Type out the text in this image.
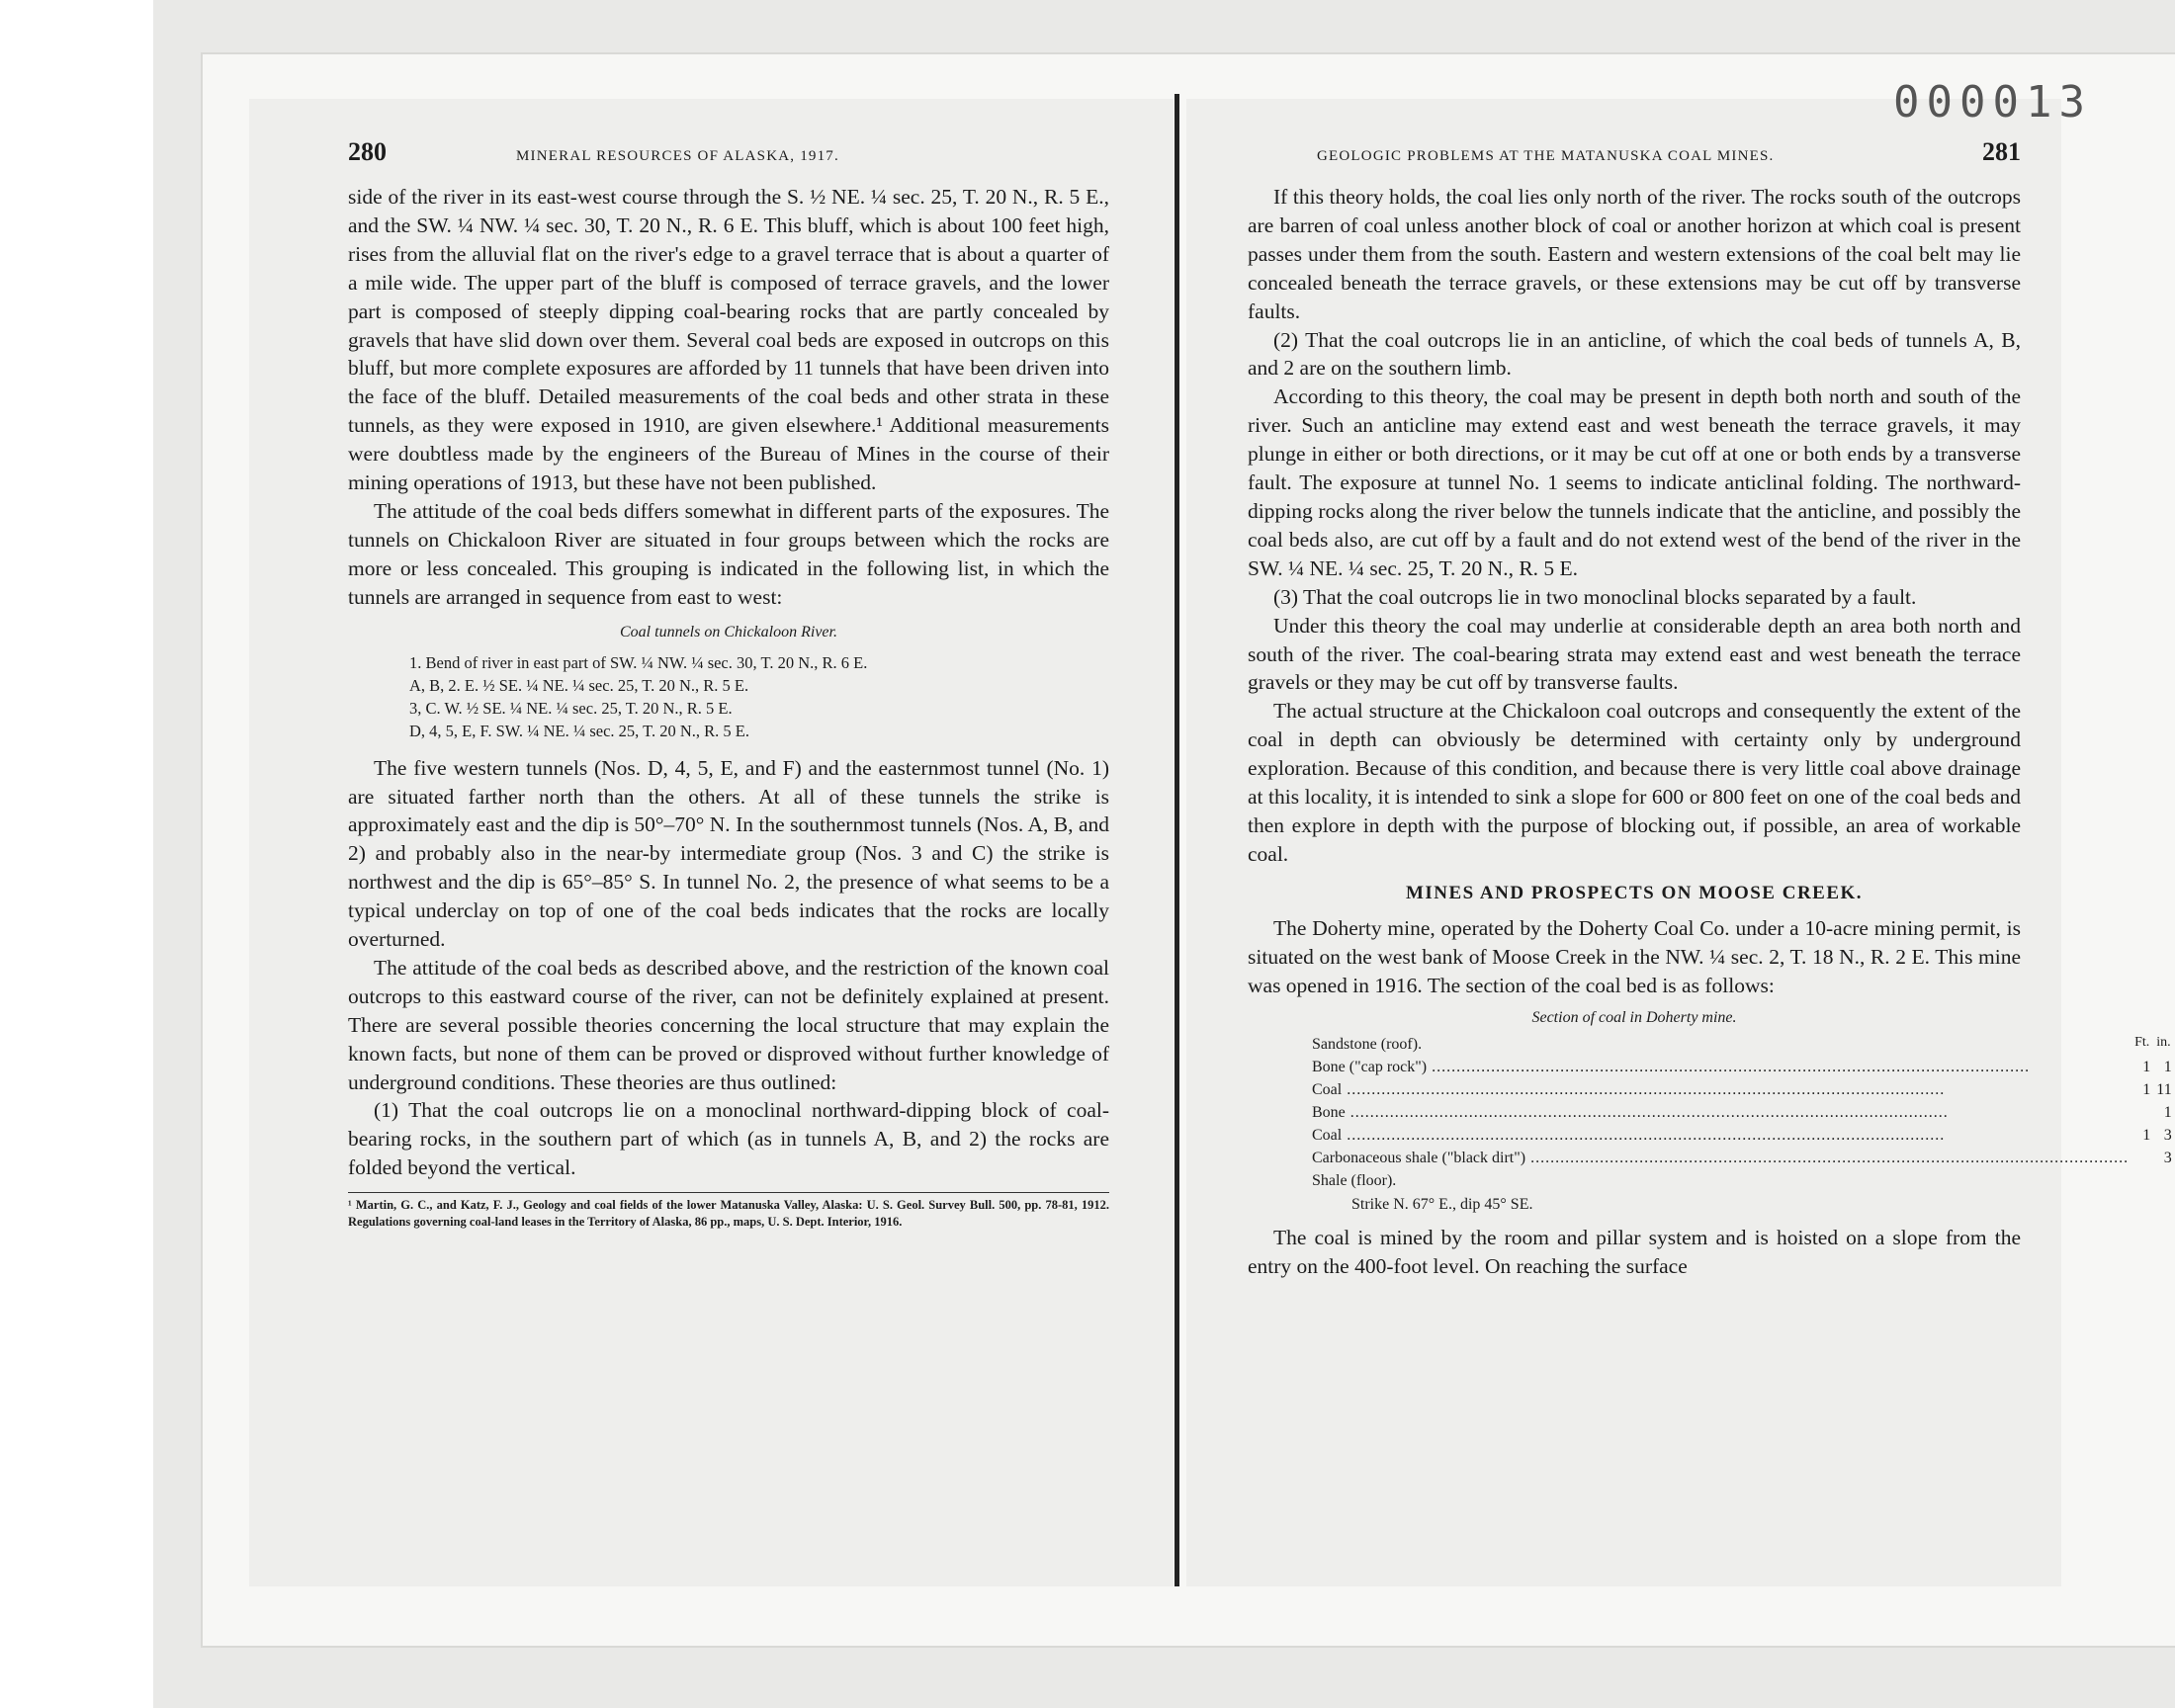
000013
280	MINERAL RESOURCES OF ALASKA, 1917.

side of the river in its east-west course through the S. ½ NE. ¼ sec. 25, T. 20 N., R. 5 E., and the SW. ¼ NW. ¼ sec. 30, T. 20 N., R. 6 E. This bluff, which is about 100 feet high, rises from the alluvial flat on the river's edge to a gravel terrace that is about a quarter of a mile wide. The upper part of the bluff is composed of terrace gravels, and the lower part is composed of steeply dipping coal-bearing rocks that are partly concealed by gravels that have slid down over them. Several coal beds are exposed in outcrops on this bluff, but more complete exposures are afforded by 11 tunnels that have been driven into the face of the bluff. Detailed measurements of the coal beds and other strata in these tunnels, as they were exposed in 1910, are given elsewhere.¹ Additional measurements were doubtless made by the engineers of the Bureau of Mines in the course of their mining operations of 1913, but these have not been published.

The attitude of the coal beds differs somewhat in different parts of the exposures. The tunnels on Chickaloon River are situated in four groups between which the rocks are more or less concealed. This grouping is indicated in the following list, in which the tunnels are arranged in sequence from east to west:

Coal tunnels on Chickaloon River.
1. Bend of river in east part of SW. ¼ NW. ¼ sec. 30, T. 20 N., R. 6 E.
A, B, 2. E. ½ SE. ¼ NE. ¼ sec. 25, T. 20 N., R. 5 E.
3, C. W. ½ SE. ¼ NE. ¼ sec. 25, T. 20 N., R. 5 E.
D, 4, 5, E, F. SW. ¼ NE. ¼ sec. 25, T. 20 N., R. 5 E.

The five western tunnels (Nos. D, 4, 5, E, and F) and the easternmost tunnel (No. 1) are situated farther north than the others. At all of these tunnels the strike is approximately east and the dip is 50°–70° N. In the southernmost tunnels (Nos. A, B, and 2) and probably also in the near-by intermediate group (Nos. 3 and C) the strike is northwest and the dip is 65°–85° S. In tunnel No. 2, the presence of what seems to be a typical underclay on top of one of the coal beds indicates that the rocks are locally overturned.

The attitude of the coal beds as described above, and the restriction of the known coal outcrops to this eastward course of the river, can not be definitely explained at present. There are several possible theories concerning the local structure that may explain the known facts, but none of them can be proved or disproved without further knowledge of underground conditions. These theories are thus outlined:

(1) That the coal outcrops lie on a monoclinal northward-dipping block of coal-bearing rocks, in the southern part of which (as in tunnels A, B, and 2) the rocks are folded beyond the vertical.

¹ Martin, G. C., and Katz, F. J., Geology and coal fields of the lower Matanuska Valley, Alaska: U. S. Geol. Survey Bull. 500, pp. 78-81, 1912. Regulations governing coal-land leases in the Territory of Alaska, 86 pp., maps, U. S. Dept. Interior, 1916.
GEOLOGIC PROBLEMS AT THE MATANUSKA COAL MINES.	281

If this theory holds, the coal lies only north of the river. The rocks south of the outcrops are barren of coal unless another block of coal or another horizon at which coal is present passes under them from the south. Eastern and western extensions of the coal belt may lie concealed beneath the terrace gravels, or these extensions may be cut off by transverse faults.

(2) That the coal outcrops lie in an anticline, of which the coal beds of tunnels A, B, and 2 are on the southern limb.

According to this theory, the coal may be present in depth both north and south of the river. Such an anticline may extend east and west beneath the terrace gravels, it may plunge in either or both directions, or it may be cut off at one or both ends by a transverse fault. The exposure at tunnel No. 1 seems to indicate anticlinal folding. The northward-dipping rocks along the river below the tunnels indicate that the anticline, and possibly the coal beds also, are cut off by a fault and do not extend west of the bend of the river in the SW. ¼ NE. ¼ sec. 25, T. 20 N., R. 5 E.

(3) That the coal outcrops lie in two monoclinal blocks separated by a fault.

Under this theory the coal may underlie at considerable depth an area both north and south of the river. The coal-bearing strata may extend east and west beneath the terrace gravels or they may be cut off by transverse faults.

The actual structure at the Chickaloon coal outcrops and consequently the extent of the coal in depth can obviously be determined with certainty only by underground exploration. Because of this condition, and because there is very little coal above drainage at this locality, it is intended to sink a slope for 600 or 800 feet on one of the coal beds and then explore in depth with the purpose of blocking out, if possible, an area of workable coal.

MINES AND PROSPECTS ON MOOSE CREEK.

The Doherty mine, operated by the Doherty Coal Co. under a 10-acre mining permit, is situated on the west bank of Moose Creek in the NW. ¼ sec. 2, T. 18 N., R. 2 E. This mine was opened in 1916. The section of the coal bed is as follows:

Section of coal in Doherty mine.
Sandstone (roof).	Ft.	in.
Bone ("cap rock") .....	1	1
Coal .....	1	11
Bone .....		1
Coal .....	1	3
Carbonaceous shale ("black dirt") .....		3
Shale (floor).		
Strike N. 67° E., dip 45° SE.

The coal is mined by the room and pillar system and is hoisted on a slope from the entry on the 400-foot level. On reaching the surface
